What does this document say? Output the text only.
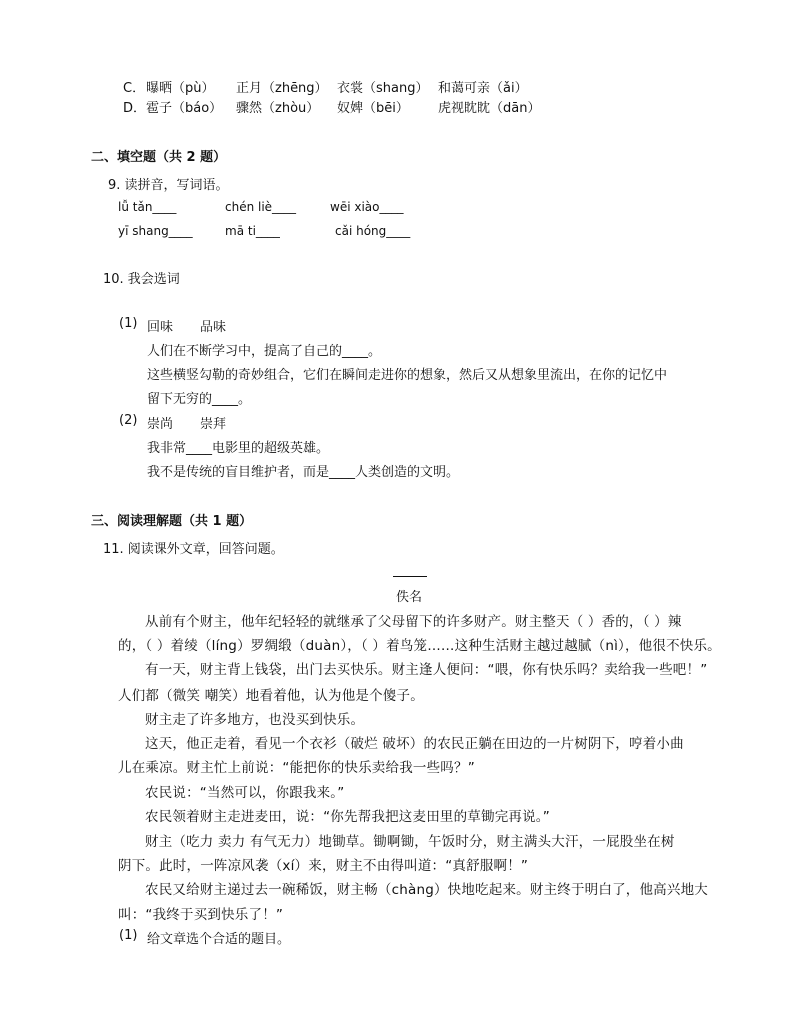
C． 曝晒（pù） 正月（zhēng） 衣裳（shang） 和蔼可亲（ǎi）
D． 雹子（báo） 骤然（zhòu） 奴婢（bēi） 虎视眈眈（dān）
二、填空题（共 2 题）
9. 读拼音，写词语。
lǚ tǎn____	chén liè____	wēi xiào____
yī shang____	mā ti____	cǎi hóng____
10. 我会选词
(1) 回味 品味
人们在不断学习中，提高了自己的____。
这些横竖勾勒的奇妙组合，它们在瞬间走进你的想象，然后又从想象里流出，在你的记忆中
留下无穷的____。
(2) 崇尚 崇拜
我非常____电影里的超级英雄。
我不是传统的盲目维护者，而是____人类创造的文明。
三、阅读理解题（共 1 题）
11. 阅读课外文章，回答问题。
佚名
从前有个财主，他年纪轻轻的就继承了父母留下的许多财产。财主整天（ ）香的，（ ）辣
的，（ ）着绫（líng）罗绸缎（duàn），（ ）着鸟笼……这种生活财主越过越腻（nì），他很不快乐。
有一天，财主背上钱袋，出门去买快乐。财主逢人便问：“喂，你有快乐吗？卖给我一些吧！”
人们都（微笑 嘲笑）地看着他，认为他是个傻子。
财主走了许多地方，也没买到快乐。
这天，他正走着，看见一个衣衫（破烂 破坏）的农民正躺在田边的一片树阴下，哼着小曲
儿在乘凉。财主忙上前说：“能把你的快乐卖给我一些吗？”
农民说：“当然可以，你跟我来。”
农民领着财主走进麦田，说：“你先帮我把这麦田里的草锄完再说。”
财主（吃力 卖力 有气无力）地锄草。锄啊锄，午饭时分，财主满头大汗，一屁股坐在树
阴下。此时，一阵凉风袭（xí）来，财主不由得叫道：“真舒服啊！”
农民又给财主递过去一碗稀饭，财主畅（chàng）快地吃起来。财主终于明白了，他高兴地大
叫：“我终于买到快乐了！”
(1) 给文章选个合适的题目。
